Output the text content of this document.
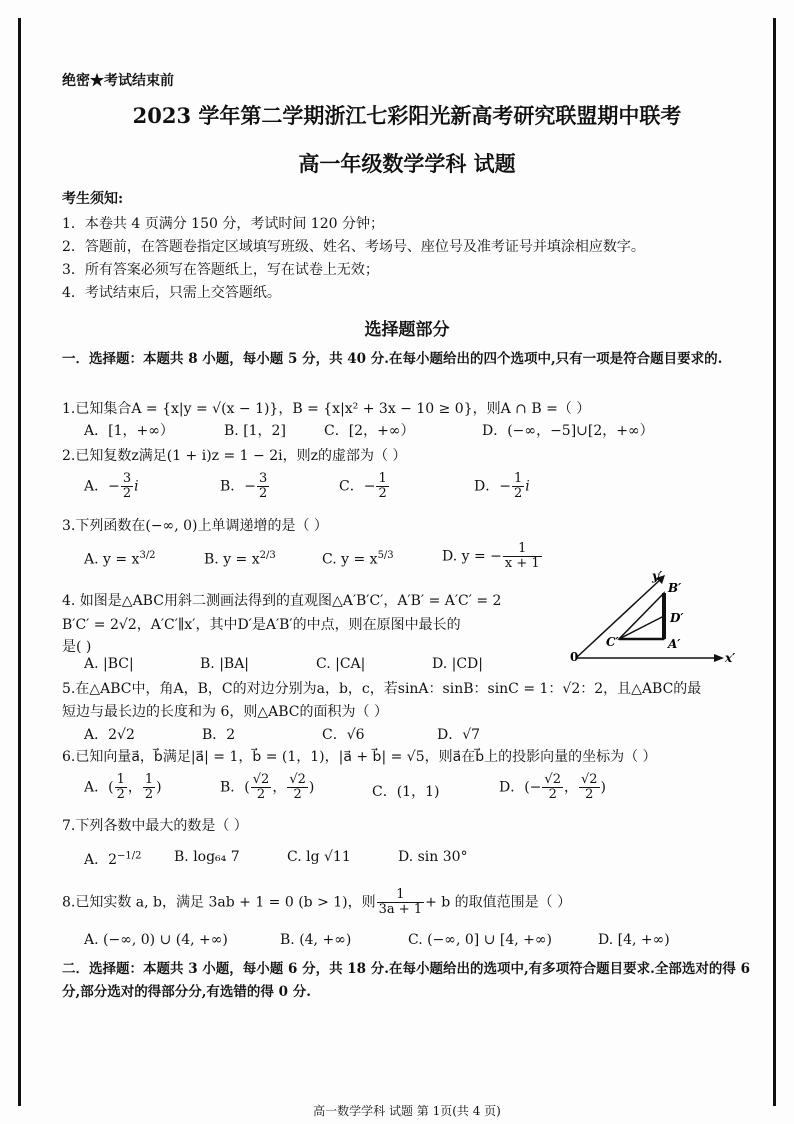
绝密★考试结束前
2023 学年第二学期浙江七彩阳光新高考研究联盟期中联考
高一年级数学学科 试题
考生须知:
1．本卷共 4 页满分 150 分，考试时间 120 分钟；
2．答题前，在答题卷指定区域填写班级、姓名、考场号、座位号及准考证号并填涂相应数字。
3．所有答案必须写在答题纸上，写在试卷上无效；
4．考试结束后，只需上交答题纸。
选择题部分
一．选择题：本题共 8 小题，每小题 5 分，共 40 分.在每小题给出的四个选项中,只有一项是符合题目要求的.
1.已知集合A = {x|y = √(x − 1)}，B = {x|x² + 3x − 10 ≥ 0}，则A ∩ B =（ ）
A．[1，+∞）	B. [1，2]	C．[2，+∞）	D．(−∞，−5]∪[2，+∞）
2.已知复数z满足(1 + i)z = 1 − 2i，则z的虚部为（ ）
A．− $\frac{3}{2}$ i	B．− $\frac{3}{2}$	C．− $\frac{1}{2}$	D．− $\frac{1}{2}$ i
3.下列函数在(−∞, 0)上单调递增的是（ ）
A. $y = x^{3/2}$	B. $y = x^{2/3}$	C. $y = x^{5/3}$	D. y = − $\frac{1}{x + 1}$
4. 如图是△ABC用斜二测画法得到的直观图△A′B′C′，A′B′ = A′C′ = 2
B′C′ = 2√2，A′C′∥x′，其中D′是A′B′的中点，则在原图中最长的
是( )
A. |BC|	B. |BA|	C. |CA|	D. |CD|
5.在△ABC中，角A，B，C的对边分别为a，b，c，若sinA：sinB：sinC = 1：√2：2，且△ABC的最
短边与最长边的长度和为 6，则△ABC的面积为（ ）
A．2√2	B．2	C．√6	D．√7
6.已知向量a⃗，b⃗满足|a⃗| = 1，b⃗ = (1，1)，|a⃗ + b⃗| = √5，则a⃗在b⃗上的投影向量的坐标为（ ）
A．( $\frac{1}{2}$ ， $\frac{1}{2}$ )	B．( $\frac{√2}{2}$ ， $\frac{√2}{2}$ )	C．(1，1)	D．(− $\frac{√2}{2}$ ， $\frac{√2}{2}$ )
7.下列各数中最大的数是（ ）
A．$2^{-1/2}$ B. log₆₄ 7	C. lg √11	D. sin 30°
8.已知实数 a, b，满足 3ab + 1 = 0 (b > 1)，则 $\frac{1}{3a + 1} + b$ 的取值范围是（ ）
A. (−∞, 0) ∪ (4, +∞)	B. (4, +∞)	C. (−∞, 0] ∪ [4, +∞)	D. [4, +∞)
二．选择题：本题共 3 小题，每小题 6 分，共 18 分.在每小题给出的选项中,有多项符合题目要求.全部选对的得 6 分,部分选对的得部分分,有选错的得 0 分.
高一数学学科 试题 第 1页(共 4 页)
y′
x′
0
B′
D′
C′	A′
